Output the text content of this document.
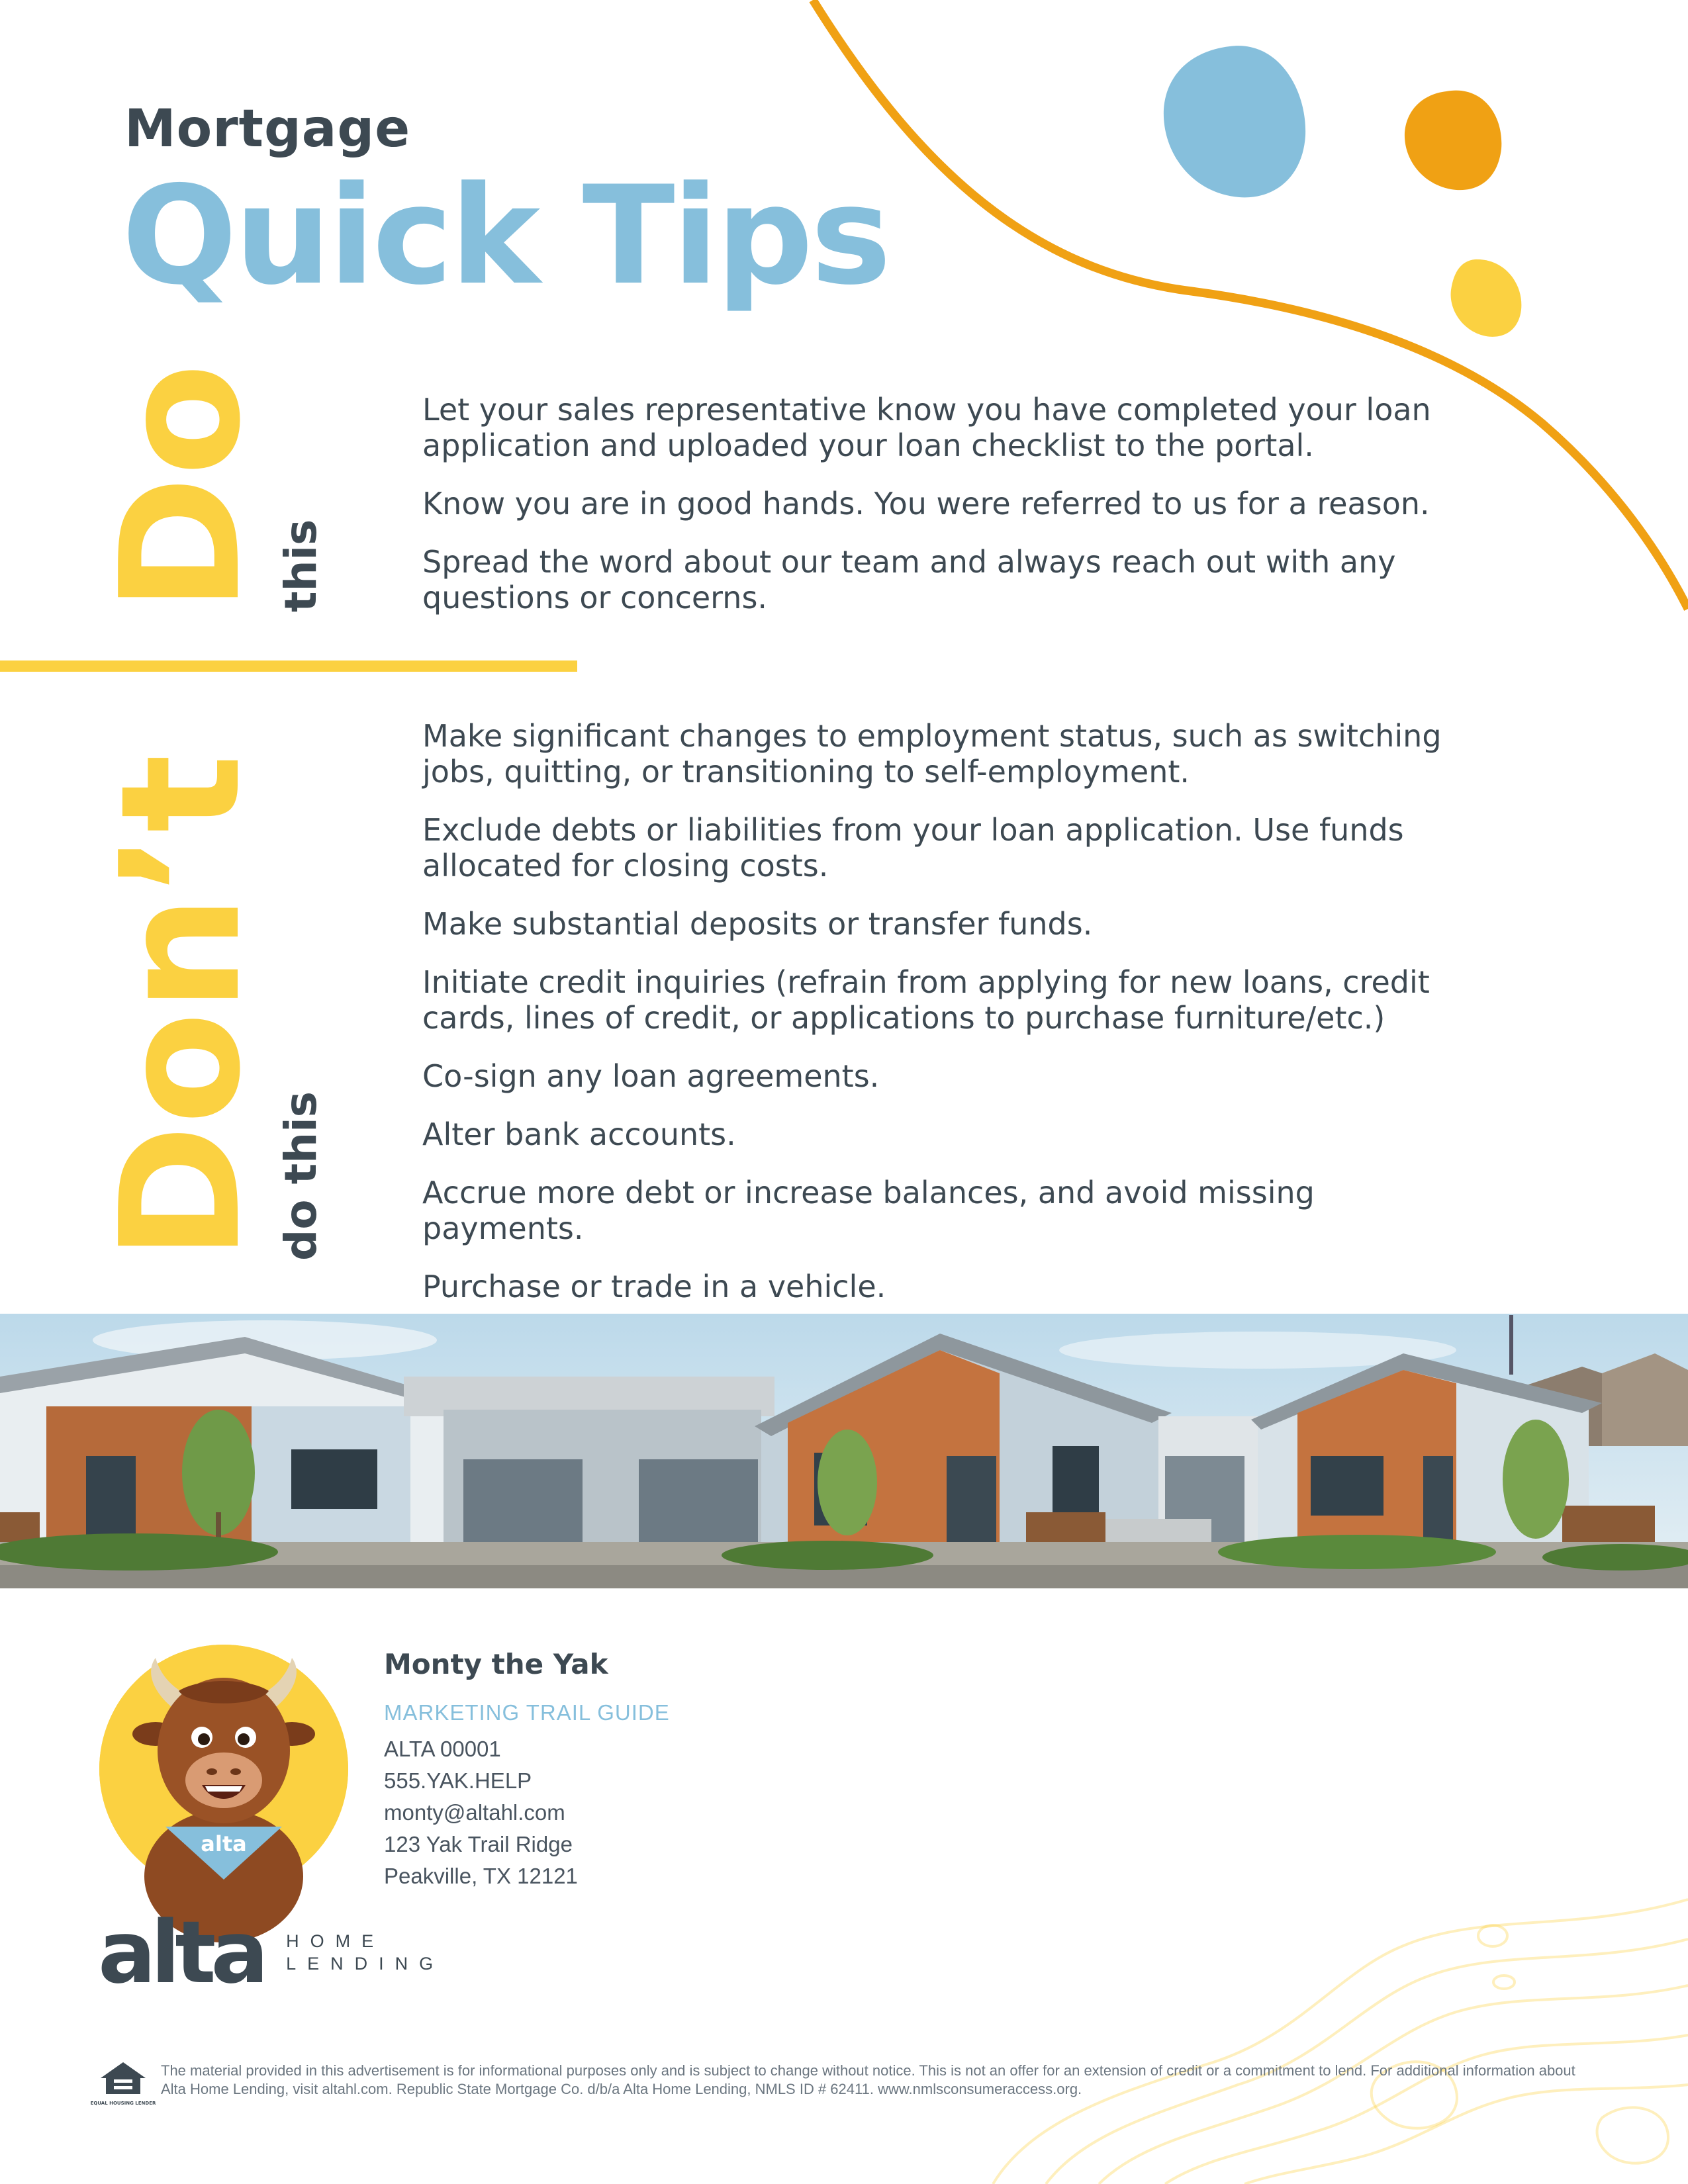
Mortgage
Quick Tips
Do
this
Let your sales representative know you have completed your loan application and uploaded your loan checklist to the portal.
Know you are in good hands. You were referred to us for a reason.
Spread the word about our team and always reach out with any questions or concerns.
Don’t
do this
Make significant changes to employment status, such as switching jobs, quitting, or transitioning to self-employment.
Exclude debts or liabilities from your loan application. Use funds allocated for closing costs.
Make substantial deposits or transfer funds.
Initiate credit inquiries (refrain from applying for new loans, credit cards, lines of credit, or applications to purchase furniture/etc.)
Co-sign any loan agreements.
Alter bank accounts.
Accrue more debt or increase balances, and avoid missing payments.
Purchase or trade in a vehicle.
alta
Monty the Yak
MARKETING TRAIL GUIDE
ALTA 00001
555.YAK.HELP
monty@altahl.com
123 Yak Trail Ridge
Peakville, TX 12121
alta HOME
LENDING
EQUAL HOUSING LENDER
The material provided in this advertisement is for informational purposes only and is subject to change without notice. This is not an offer for an extension of credit or a commitment to lend. For additional information about Alta Home Lending, visit altahl.com. Republic State Mortgage Co. d/b/a Alta Home Lending, NMLS ID # 62411. www.nmlsconsumeraccess.org.
